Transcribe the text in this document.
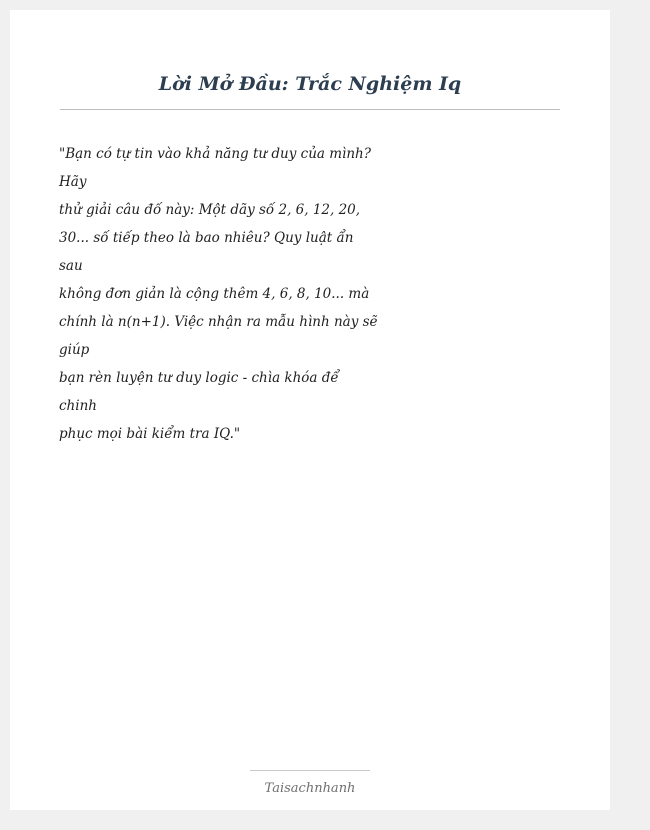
Lời Mở Đầu: Trắc Nghiệm Iq
"Bạn có tự tin vào khả năng tư duy của mình?
Hãy
thử giải câu đố này: Một dãy số 2, 6, 12, 20,
30... số tiếp theo là bao nhiêu? Quy luật ẩn
sau
không đơn giản là cộng thêm 4, 6, 8, 10... mà
chính là n(n+1). Việc nhận ra mẫu hình này sẽ
giúp
bạn rèn luyện tư duy logic - chìa khóa để
chinh
phục mọi bài kiểm tra IQ."
Taisachnhanh
